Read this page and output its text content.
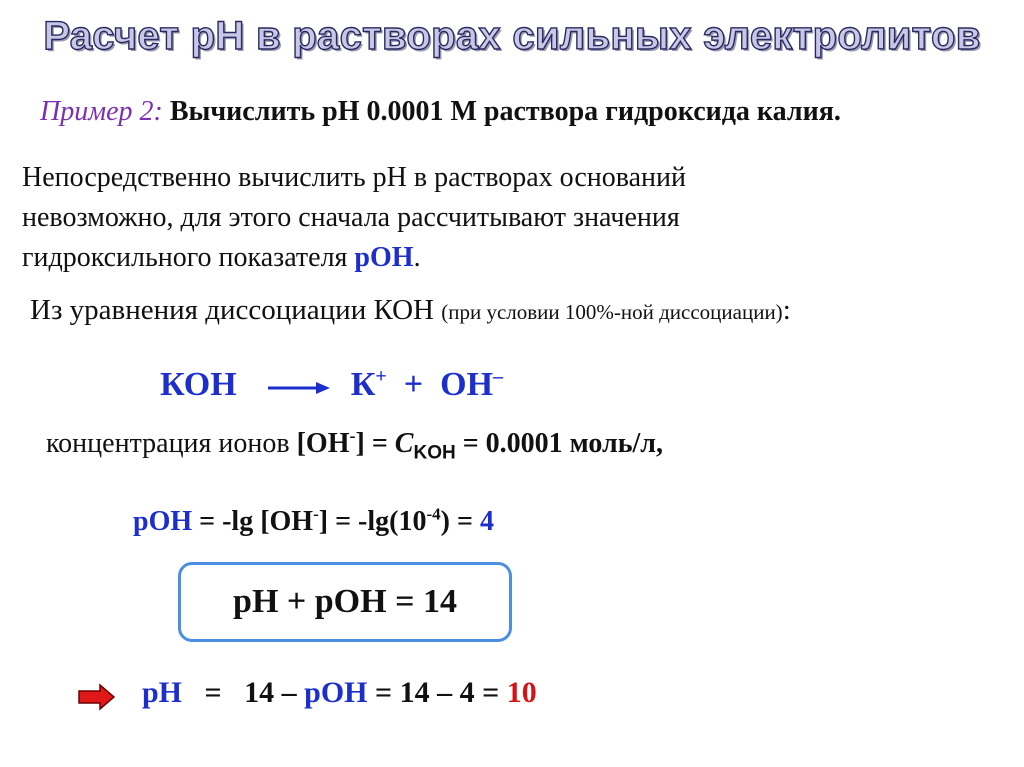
Расчет рН в растворах сильных электролитов
Пример 2: Вычислить рН 0.0001 М раствора гидроксида калия.
Непосредственно вычислить рН в растворах оснований
невозможно, для этого сначала рассчитывают значения
гидроксильного показателя рОН.
Из уравнения диссоциации КОН (при условии 100%-ной диссоциации):
КОН	К+ + ОН–
концентрация ионов $[ОН^-] = С_{KOH} = 0.0001$ моль/л,
рОН = -lg $[ОН^-] = -\lg(10^{-4}) = 4$
рН + рОН = 14
рН   =   14 – рОН = 14 – 4 = 10
